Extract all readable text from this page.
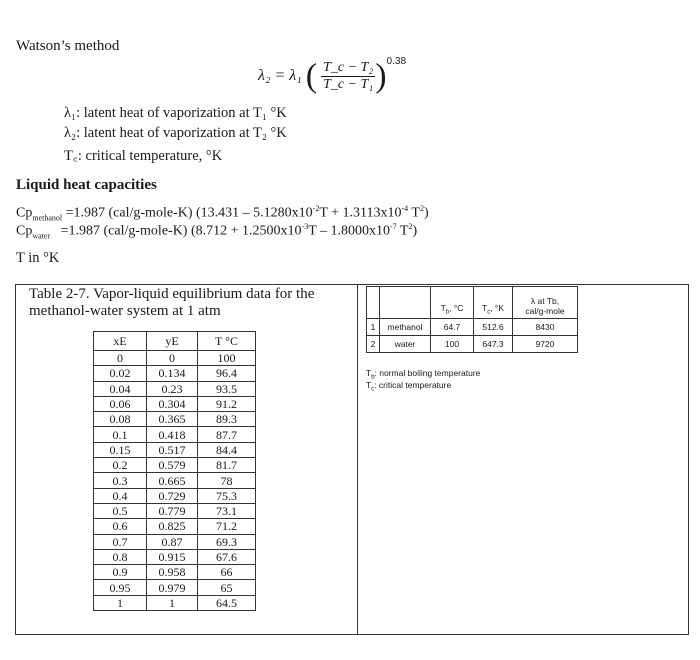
Watson’s method
λ₂ = λ₁ ( $\frac{\text{T\_c − T₂}}{\text{T\_c − T₁}} )^{0.38}$
λ₁: latent heat of vaporization at T₁ °K
λ₂: latent heat of vaporization at T₂ °K
T꜀: critical temperature, °K
Liquid heat capacities
$Cp_{methanol} =1.987$ (cal/g-mole-K) ($13.431 - 5.1280x10^{-2}T + 1.3113x10^{-4}$ $T^2$)
$Cp_{water} =1.987$ (cal/g-mole-K) ($8.712 + 1.2500x10^{-3}T - 1.8000x10^{-7}$ $T^2$)
T in °K
Table 2-7. Vapor-liquid equilibrium data for the
methanol-water system at 1 atm
xE	yE	T °C
0	0	100
0.02	0.134	96.4
0.04	0.23	93.5
0.06	0.304	91.2
0.08	0.365	89.3
0.1	0.418	87.7
0.15	0.517	84.4
0.2	0.579	81.7
0.3	0.665	78
0.4	0.729	75.3
0.5	0.779	73.1
0.6	0.825	71.2
0.7	0.87	69.3
0.8	0.915	67.6
0.9	0.958	66
0.95	0.979	65
1	1	64.5
		$T_b$, °C	$T_c$, °K	λ at Tb,
cal/g-mole

1	methanol	64.7	512.6	8430
2	water	100	647.3	9720
$T_b$: normal boiling temperature
$T_c$: critical temperature
